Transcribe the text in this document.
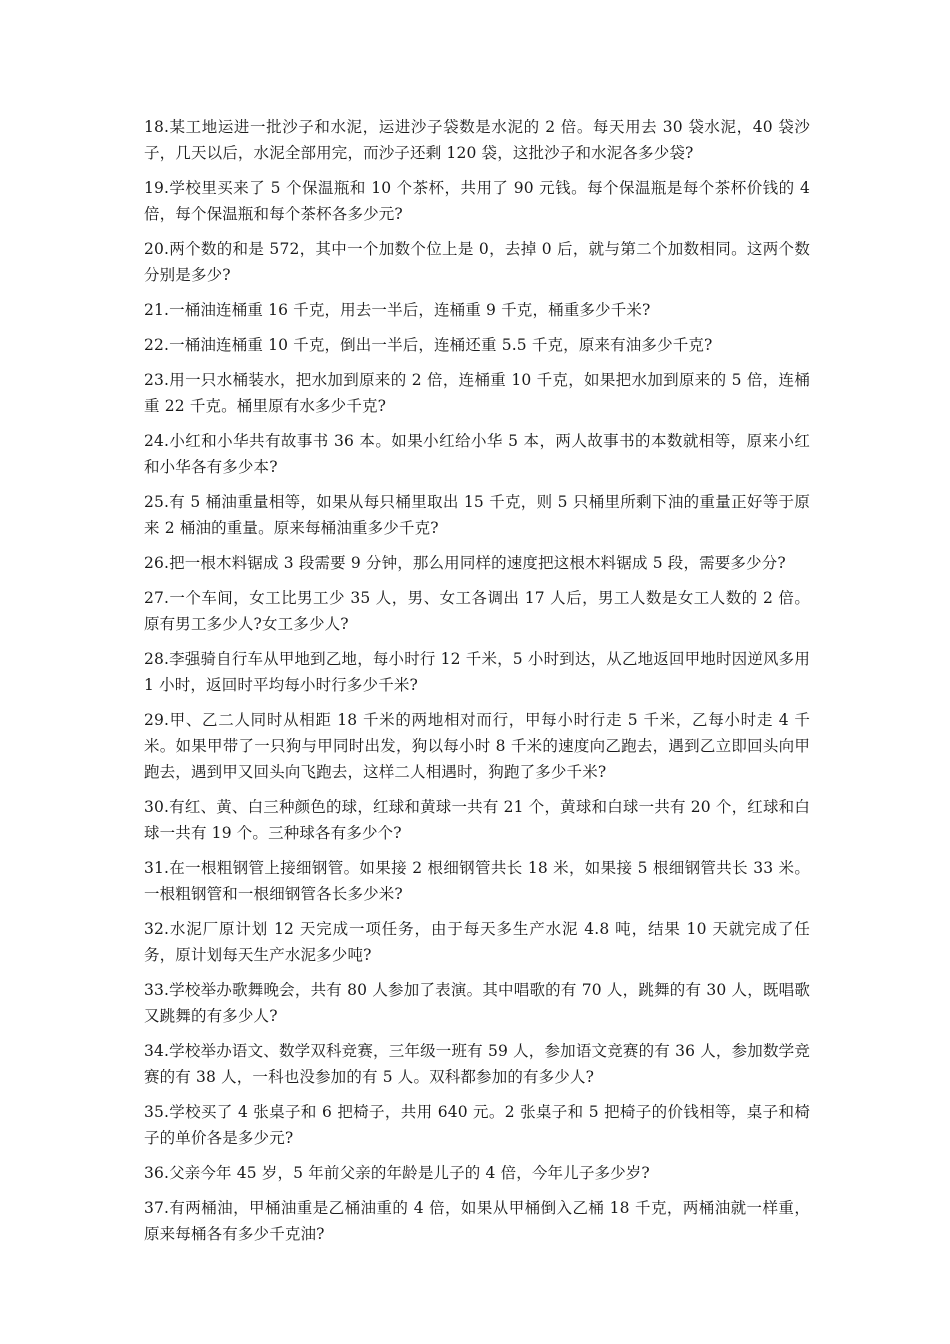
18.某工地运进一批沙子和水泥，运进沙子袋数是水泥的 2 倍。每天用去 30 袋水泥，40 袋沙子，几天以后，水泥全部用完，而沙子还剩 120 袋，这批沙子和水泥各多少袋?
19.学校里买来了 5 个保温瓶和 10 个茶杯，共用了 90 元钱。每个保温瓶是每个茶杯价钱的 4 倍，每个保温瓶和每个茶杯各多少元?
20.两个数的和是 572，其中一个加数个位上是 0，去掉 0 后，就与第二个加数相同。这两个数分别是多少?
21.一桶油连桶重 16 千克，用去一半后，连桶重 9 千克，桶重多少千米?
22.一桶油连桶重 10 千克，倒出一半后，连桶还重 5.5 千克，原来有油多少千克?
23.用一只水桶装水，把水加到原来的 2 倍，连桶重 10 千克，如果把水加到原来的 5 倍，连桶重 22 千克。桶里原有水多少千克?
24.小红和小华共有故事书 36 本。如果小红给小华 5 本，两人故事书的本数就相等，原来小红和小华各有多少本?
25.有 5 桶油重量相等，如果从每只桶里取出 15 千克，则 5 只桶里所剩下油的重量正好等于原来 2 桶油的重量。原来每桶油重多少千克?
26.把一根木料锯成 3 段需要 9 分钟，那么用同样的速度把这根木料锯成 5 段，需要多少分?
27.一个车间，女工比男工少 35 人，男、女工各调出 17 人后，男工人数是女工人数的 2 倍。原有男工多少人?女工多少人?
28.李强骑自行车从甲地到乙地，每小时行 12 千米，5 小时到达，从乙地返回甲地时因逆风多用 1 小时，返回时平均每小时行多少千米?
29.甲、乙二人同时从相距 18 千米的两地相对而行，甲每小时行走 5 千米，乙每小时走 4 千米。如果甲带了一只狗与甲同时出发，狗以每小时 8 千米的速度向乙跑去，遇到乙立即回头向甲跑去，遇到甲又回头向飞跑去，这样二人相遇时，狗跑了多少千米?
30.有红、黄、白三种颜色的球，红球和黄球一共有 21 个，黄球和白球一共有 20 个，红球和白球一共有 19 个。三种球各有多少个?
31.在一根粗钢管上接细钢管。如果接 2 根细钢管共长 18 米，如果接 5 根细钢管共长 33 米。一根粗钢管和一根细钢管各长多少米?
32.水泥厂原计划 12 天完成一项任务，由于每天多生产水泥 4.8 吨，结果 10 天就完成了任务，原计划每天生产水泥多少吨?
33.学校举办歌舞晚会，共有 80 人参加了表演。其中唱歌的有 70 人，跳舞的有 30 人，既唱歌又跳舞的有多少人?
34.学校举办语文、数学双科竞赛，三年级一班有 59 人，参加语文竞赛的有 36 人，参加数学竞赛的有 38 人，一科也没参加的有 5 人。双科都参加的有多少人?
35.学校买了 4 张桌子和 6 把椅子，共用 640 元。2 张桌子和 5 把椅子的价钱相等，桌子和椅子的单价各是多少元?
36.父亲今年 45 岁，5 年前父亲的年龄是儿子的 4 倍，今年儿子多少岁?
37.有两桶油，甲桶油重是乙桶油重的 4 倍，如果从甲桶倒入乙桶 18 千克，两桶油就一样重，原来每桶各有多少千克油?
